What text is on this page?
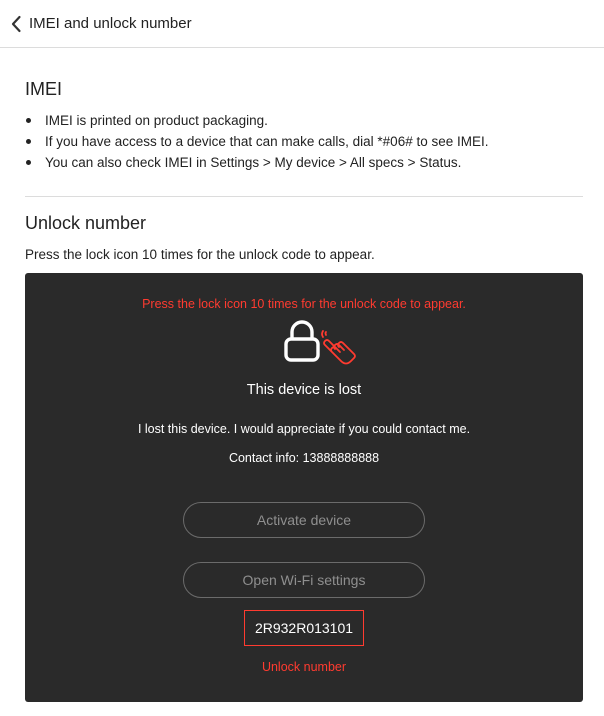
IMEI and unlock number
IMEI
IMEI is printed on product packaging.
If you have access to a device that can make calls, dial *#06# to see IMEI.
You can also check IMEI in Settings > My device > All specs > Status.
Unlock number
Press the lock icon 10 times for the unlock code to appear.
Press the lock icon 10 times for the unlock code to appear.
This device is lost
I lost this device. I would appreciate if you could contact me.
Contact info: 13888888888
Activate device
Open Wi-Fi settings
2R932R013101
Unlock number
